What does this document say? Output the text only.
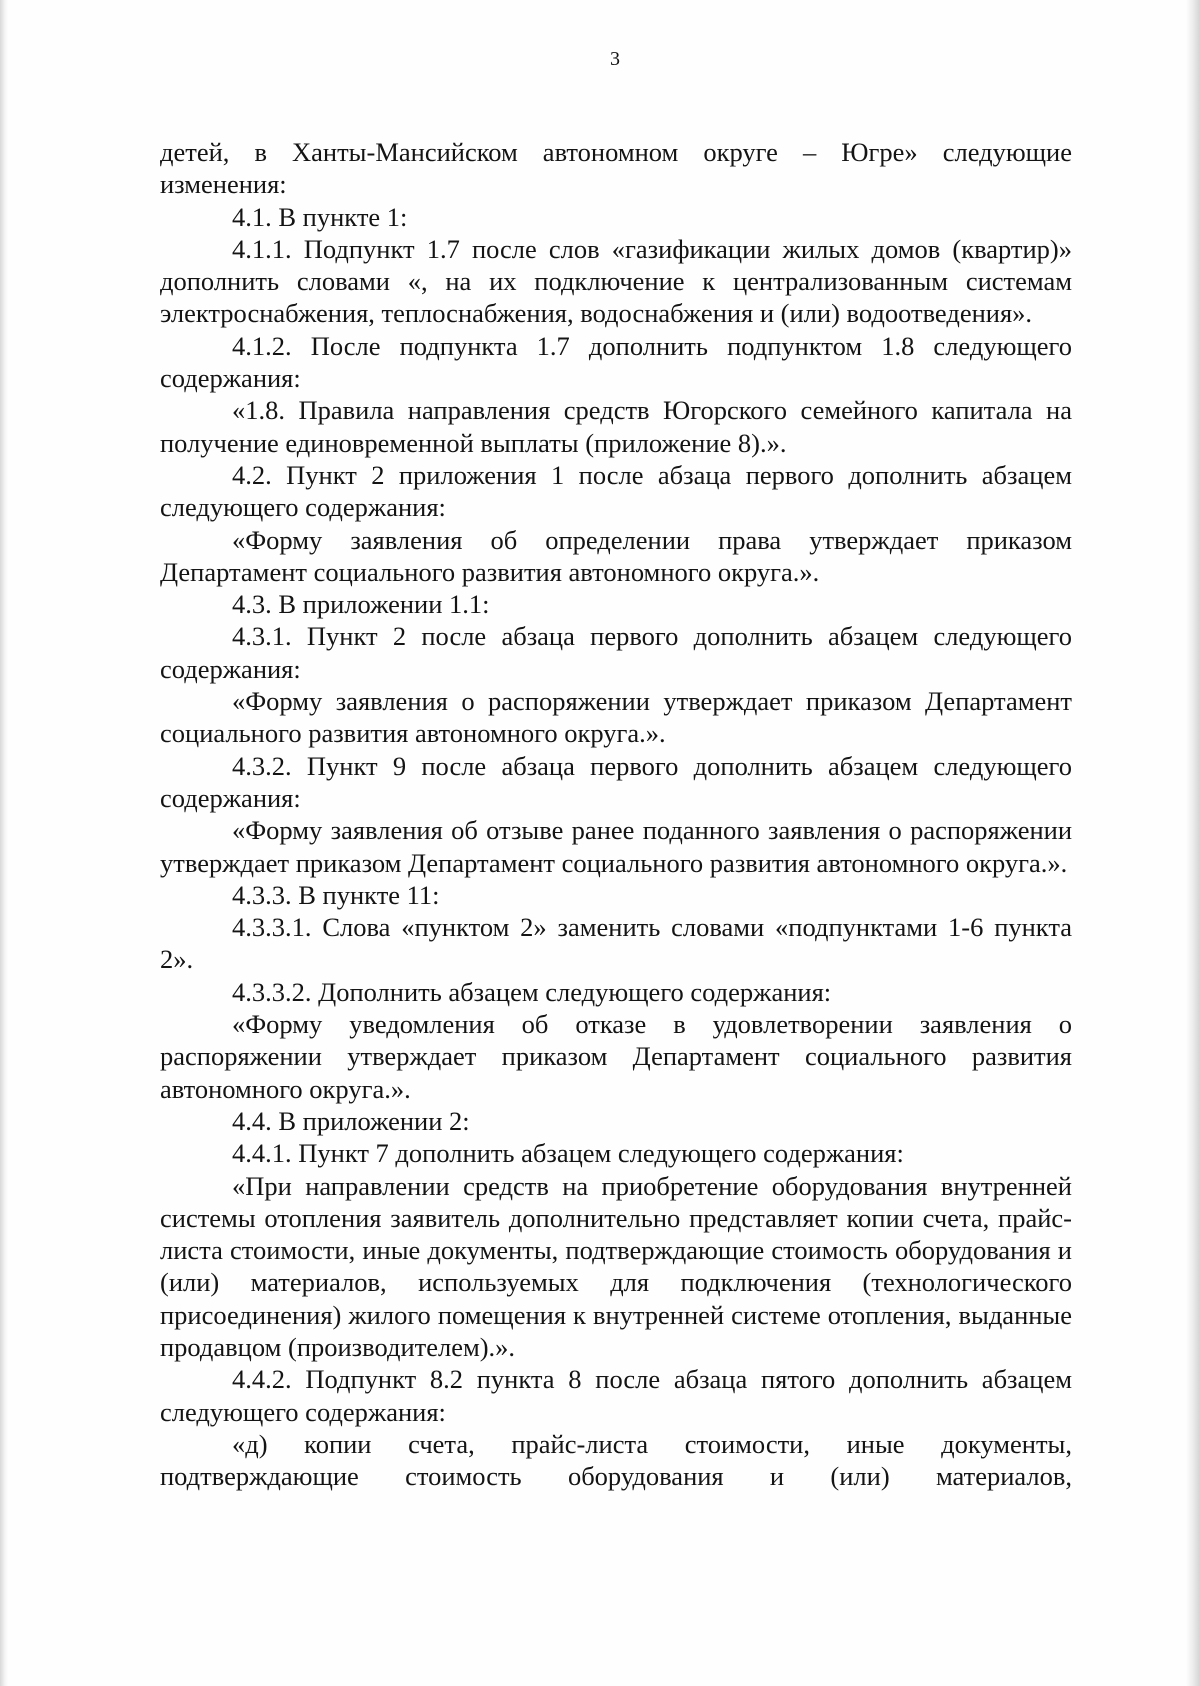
3

детей, в Ханты-Мансийском автономном округе – Югре» следующие изменения:

4.1. В пункте 1:

4.1.1. Подпункт 1.7 после слов «газификации жилых домов (квартир)» дополнить словами «, на их подключение к централизованным системам электроснабжения, теплоснабжения, водоснабжения и (или) водоотведения».

4.1.2. После подпункта 1.7 дополнить подпунктом 1.8 следующего содержания:

«1.8. Правила направления средств Югорского семейного капитала на получение единовременной выплаты (приложение 8).».

4.2. Пункт 2 приложения 1 после абзаца первого дополнить абзацем следующего содержания:

«Форму заявления об определении права утверждает приказом Департамент социального развития автономного округа.».

4.3. В приложении 1.1:

4.3.1. Пункт 2 после абзаца первого дополнить абзацем следующего содержания:

«Форму заявления о распоряжении утверждает приказом Департамент социального развития автономного округа.».

4.3.2. Пункт 9 после абзаца первого дополнить абзацем следующего содержания:

«Форму заявления об отзыве ранее поданного заявления о распоряжении утверждает приказом Департамент социального развития автономного округа.».

4.3.3. В пункте 11:

4.3.3.1. Слова «пунктом 2» заменить словами «подпунктами 1-6 пункта 2».

4.3.3.2. Дополнить абзацем следующего содержания:

«Форму уведомления об отказе в удовлетворении заявления о распоряжении утверждает приказом Департамент социального развития автономного округа.».

4.4. В приложении 2:

4.4.1. Пункт 7 дополнить абзацем следующего содержания:

«При направлении средств на приобретение оборудования внутренней системы отопления заявитель дополнительно представляет копии счета, прайс-листа стоимости, иные документы, подтверждающие стоимость оборудования и (или) материалов, используемых для подключения (технологического присоединения) жилого помещения к внутренней системе отопления, выданные продавцом (производителем).».

4.4.2. Подпункт 8.2 пункта 8 после абзаца пятого дополнить абзацем следующего содержания:

«д) копии счета, прайс-листа стоимости, иные документы, подтверждающие стоимость оборудования и (или) материалов,
